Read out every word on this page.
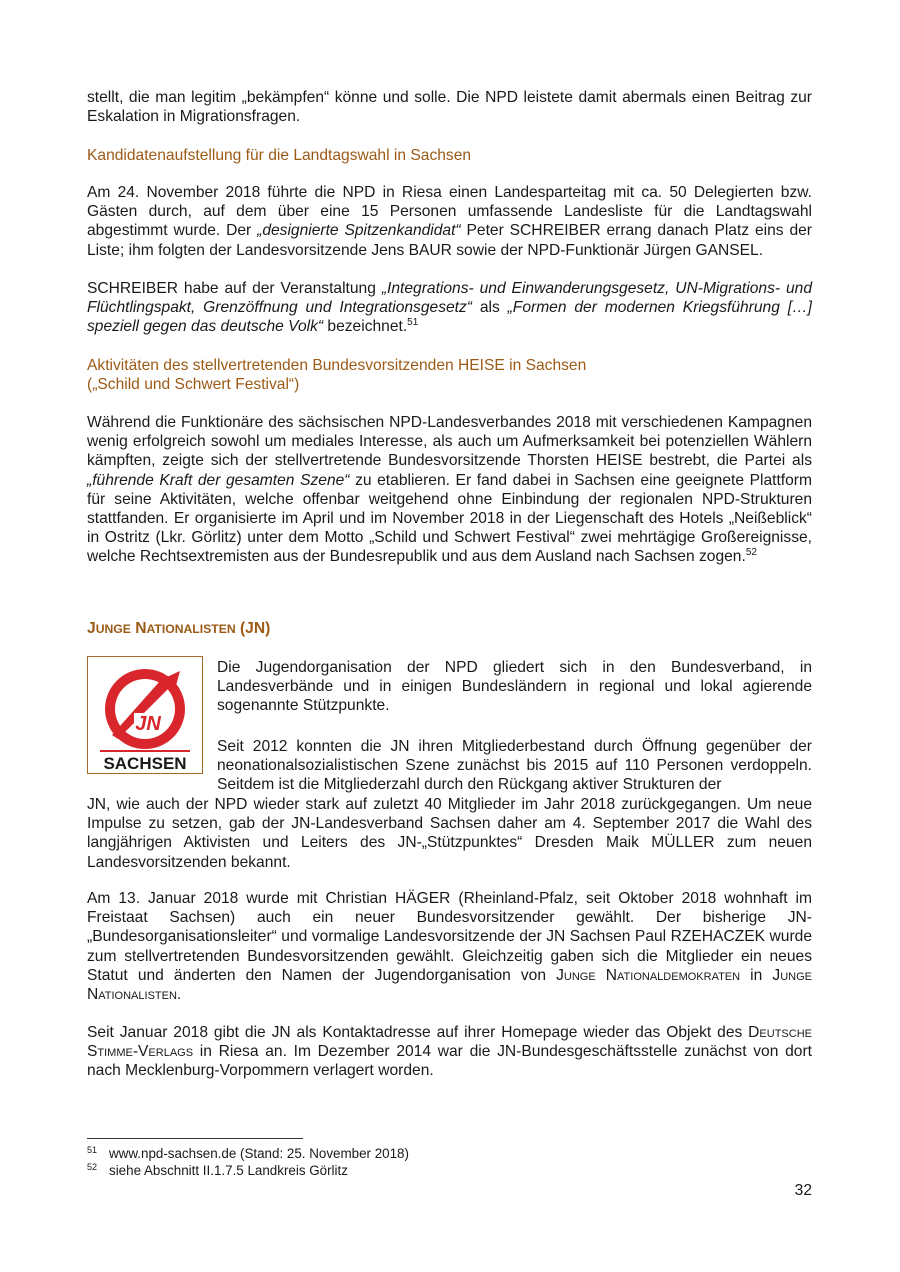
stellt, die man legitim „bekämpfen“ könne und solle. Die NPD leistete damit abermals einen Beitrag zur Eskalation in Migrationsfragen.

Kandidatenaufstellung für die Landtagswahl in Sachsen

Am 24. November 2018 führte die NPD in Riesa einen Landesparteitag mit ca. 50 Delegierten bzw. Gästen durch, auf dem über eine 15 Personen umfassende Landesliste für die Landtagswahl abgestimmt wurde. Der „designierte Spitzenkandidat“ Peter SCHREIBER errang danach Platz eins der Liste; ihm folgten der Landesvorsitzende Jens BAUR sowie der NPD-Funktionär Jürgen GANSEL.

SCHREIBER habe auf der Veranstaltung „Integrations- und Einwanderungsgesetz, UN-Migrations- und Flüchtlingspakt, Grenzöffnung und Integrationsgesetz“ als „Formen der modernen Kriegsführung […] speziell gegen das deutsche Volk“ bezeichnet.$^{51}$

Aktivitäten des stellvertretenden Bundesvorsitzenden HEISE in Sachsen
(„Schild und Schwert Festival“)

Während die Funktionäre des sächsischen NPD-Landesverbandes 2018 mit verschiedenen Kampagnen wenig erfolgreich sowohl um mediales Interesse, als auch um Aufmerksamkeit bei potenziellen Wählern kämpften, zeigte sich der stellvertretende Bundesvorsitzende Thorsten HEISE bestrebt, die Partei als „führende Kraft der gesamten Szene“ zu etablieren. Er fand dabei in Sachsen eine geeignete Plattform für seine Aktivitäten, welche offenbar weitgehend ohne Einbindung der regionalen NPD-Strukturen stattfanden. Er organisierte im April und im November 2018 in der Liegenschaft des Hotels „Neißeblick“ in Ostritz (Lkr. Görlitz) unter dem Motto „Schild und Schwert Festival“ zwei mehrtägige Großereignisse, welche Rechtsextremisten aus der Bundesrepublik und aus dem Ausland nach Sachsen zogen.$^{52}$

JUNGE NATIONALISTEN (JN)
JN
SACHSEN

Die Jugendorganisation der NPD gliedert sich in den Bundesverband, in Landesverbände und in einigen Bundesländern in regional und lokal agierende sogenannte Stützpunkte.

Seit 2012 konnten die JN ihren Mitgliederbestand durch Öffnung gegenüber der neonationalsozialistischen Szene zunächst bis 2015 auf 110 Personen verdoppeln. Seitdem ist die Mitgliederzahl durch den Rückgang aktiver Strukturen der

JN, wie auch der NPD wieder stark auf zuletzt 40 Mitglieder im Jahr 2018 zurückgegangen. Um neue Impulse zu setzen, gab der JN-Landesverband Sachsen daher am 4. September 2017 die Wahl des langjährigen Aktivisten und Leiters des JN-„Stützpunktes“ Dresden Maik MÜLLER zum neuen Landesvorsitzenden bekannt.

Am 13. Januar 2018 wurde mit Christian HÄGER (Rheinland-Pfalz, seit Oktober 2018 wohnhaft im Freistaat Sachsen) auch ein neuer Bundesvorsitzender gewählt. Der bisherige JN-„Bundesorganisationsleiter“ und vormalige Landesvorsitzende der JN Sachsen Paul RZEHACZEK wurde zum stellvertretenden Bundesvorsitzenden gewählt. Gleichzeitig gaben sich die Mitglieder ein neues Statut und änderten den Namen der Jugendorganisation von Junge Nationaldemokraten in Junge Nationalisten.

Seit Januar 2018 gibt die JN als Kontaktadresse auf ihrer Homepage wieder das Objekt des Deutsche Stimme-Verlags in Riesa an. Im Dezember 2014 war die JN-Bundesgeschäftsstelle zunächst von dort nach Mecklenburg-Vorpommern verlagert worden.

51 www.npd-sachsen.de (Stand: 25. November 2018)
52 siehe Abschnitt II.1.7.5 Landkreis Görlitz
32
